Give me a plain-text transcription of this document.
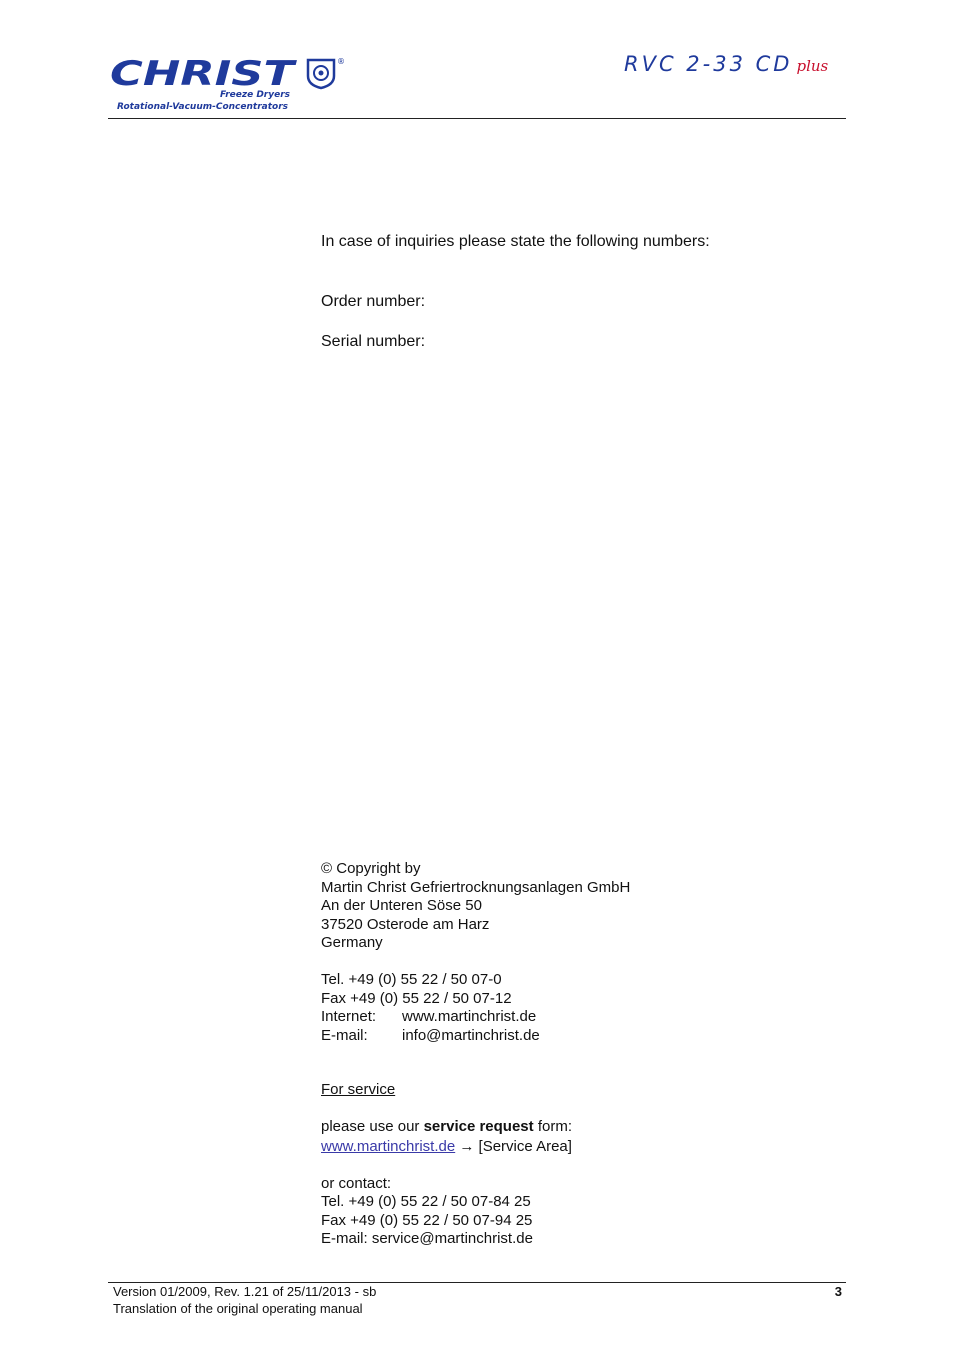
CHRIST	®
Freeze Dryers
Rotational-Vacuum-Concentrators
RVC 2-33 CD plus
In case of inquiries please state the following numbers:
Order number:
Serial number:
© Copyright by
Martin Christ Gefriertrocknungsanlagen GmbH
An der Unteren Söse 50
37520 Osterode am Harz
Germany
Tel. +49 (0) 55 22 / 50 07-0
Fax +49 (0) 55 22 / 50 07-12
Internet: www.martinchrist.de
E-mail: info@martinchrist.de
For service
please use our service request form:
www.martinchrist.de → [Service Area]
or contact:
Tel. +49 (0) 55 22 / 50 07-84 25
Fax +49 (0) 55 22 / 50 07-94 25
E-mail: service@martinchrist.de
Version 01/2009, Rev. 1.21 of 25/11/2013 - sb
Translation of the original operating manual
3
